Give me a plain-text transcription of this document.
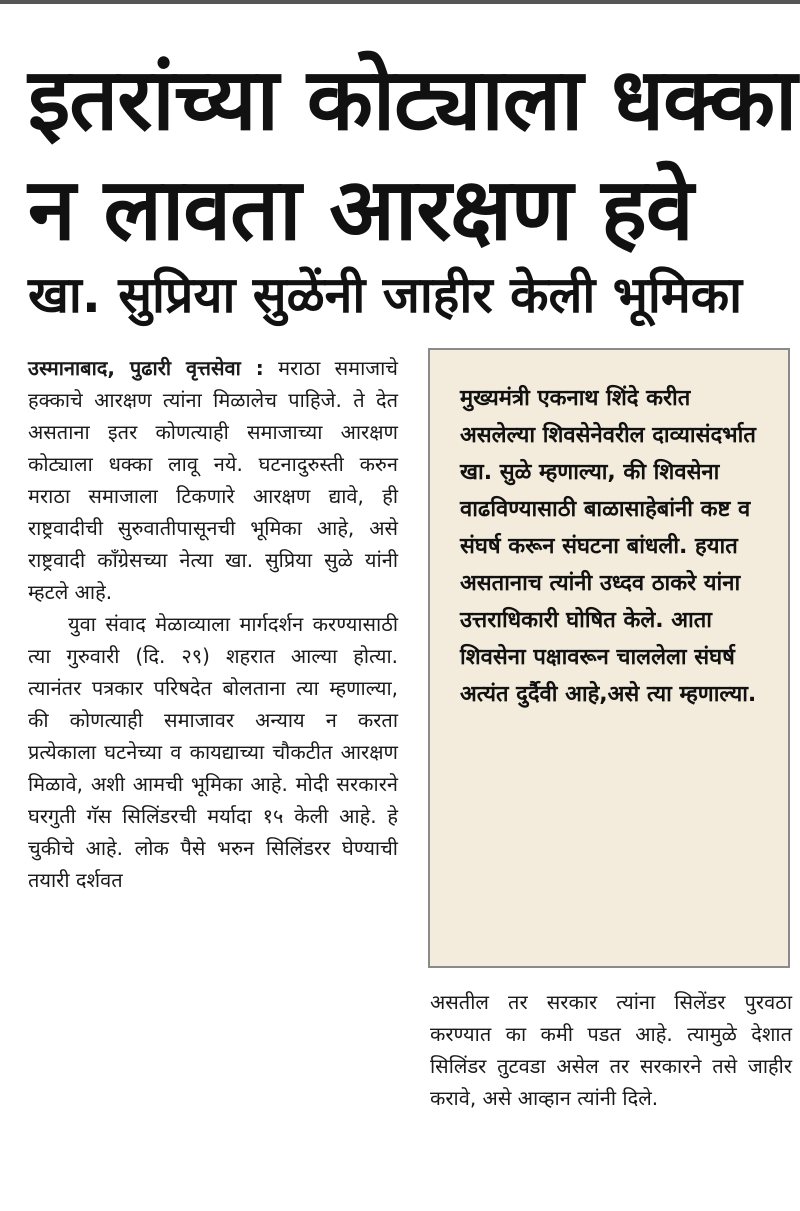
इतरांच्या कोट्याला धक्का
न लावता आरक्षण हवे
खा. सुप्रिया सुळेंनी जाहीर केली भूमिका

उस्मानाबाद, पुढारी वृत्तसेवा : मराठा समाजाचे हक्काचे आरक्षण त्यांना मिळालेच पाहिजे. ते देत असताना इतर कोणत्याही समाजाच्या आरक्षण कोट्याला धक्का लावू नये. घटनादुरुस्ती करुन मराठा समाजाला टिकणारे आरक्षण द्यावे, ही राष्ट्रवादीची सुरुवातीपासूनची भूमिका आहे, असे राष्ट्रवादी काँग्रेसच्या नेत्या खा. सुप्रिया सुळे यांनी म्हटले आहे.

युवा संवाद मेळाव्याला मार्गदर्शन करण्यासाठी त्या गुरुवारी (दि. २९) शहरात आल्या होत्या. त्यानंतर पत्रकार परिषदेत बोलताना त्या म्हणाल्या, की कोणत्याही समाजावर अन्याय न करता प्रत्येकाला घटनेच्या व कायद्याच्या चौकटीत आरक्षण मिळावे, अशी आमची भूमिका आहे. मोदी सरकारने घरगुती गॅस सिलिंडरची मर्यादा १५ केली आहे. हे चुकीचे आहे. लोक पैसे भरुन सिलिंडरर घेण्याची तयारी दर्शवत

मुख्यमंत्री एकनाथ शिंदे करीत असलेल्या शिवसेनेवरील दाव्यासंदर्भात खा. सुळे म्हणाल्या, की शिवसेना वाढविण्यासाठी बाळासाहेबांनी कष्ट व संघर्ष करून संघटना बांधली. हयात असतानाच त्यांनी उध्दव ठाकरे यांना उत्तराधिकारी घोषित केले. आता शिवसेना पक्षावरून चाललेला संघर्ष अत्यंत दुर्दैवी आहे,असे त्या म्हणाल्या.

असतील तर सरकार त्यांना सिलेंडर पुरवठा करण्यात का कमी पडत आहे. त्यामुळे देशात सिलिंडर तुटवडा असेल तर सरकारने तसे जाहीर करावे, असे आव्हान त्यांनी दिले.
